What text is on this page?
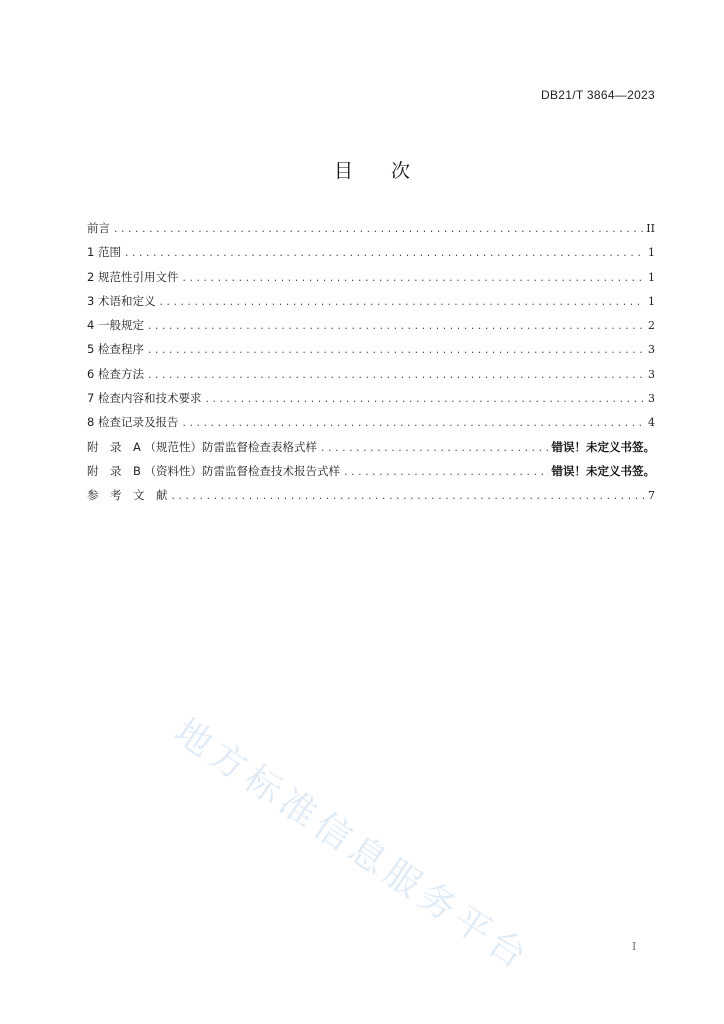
DB21/T 3864—2023
目　　次
前言 .....	II
1 范围 .....	1
2 规范性引用文件 .....	1
3 术语和定义 .....	1
4 一般规定 .....	2
5 检查程序 .....	3
6 检查方法 .....	3
7 检查内容和技术要求 .....	3
8 检查记录及报告 .....	4
附　录　A （规范性）防雷监督检查表格式样 .....	错误！未定义书签。
附　录　B （资料性）防雷监督检查技术报告式样 .....	错误！未定义书签。
参　考　文　献 .....	7
地方标准信息服务平台	I
